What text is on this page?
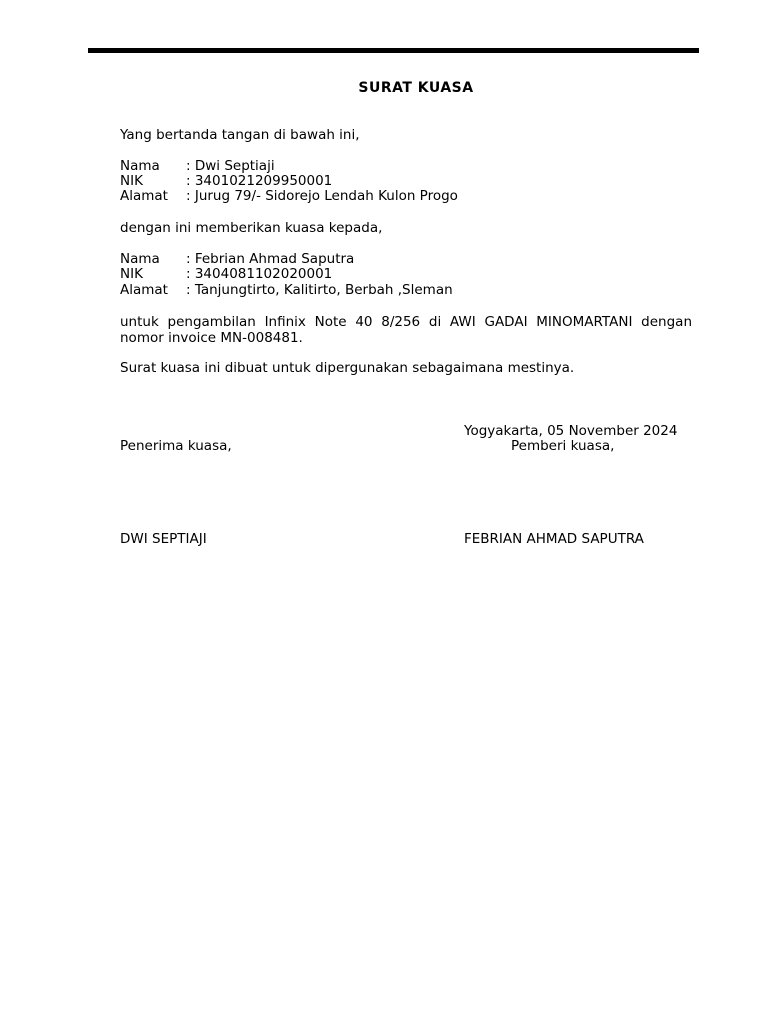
SURAT KUASA
Yang bertanda tangan di bawah ini,
Nama : Dwi Septiaji
NIK	: 3401021209950001
Alamat : Jurug 79/- Sidorejo Lendah Kulon Progo
dengan ini memberikan kuasa kepada,
Nama : Febrian Ahmad Saputra
NIK	: 3404081102020001
Alamat : Tanjungtirto, Kalitirto, Berbah ,Sleman
untuk pengambilan Infinix Note 40 8/256 di AWI GADAI MINOMARTANI dengan nomor invoice MN-008481.
Surat kuasa ini dibuat untuk dipergunakan sebagaimana mestinya.
Yogyakarta, 05 November 2024
Penerima kuasa,	Pemberi kuasa,
DWI SEPTIAJI	FEBRIAN AHMAD SAPUTRA
